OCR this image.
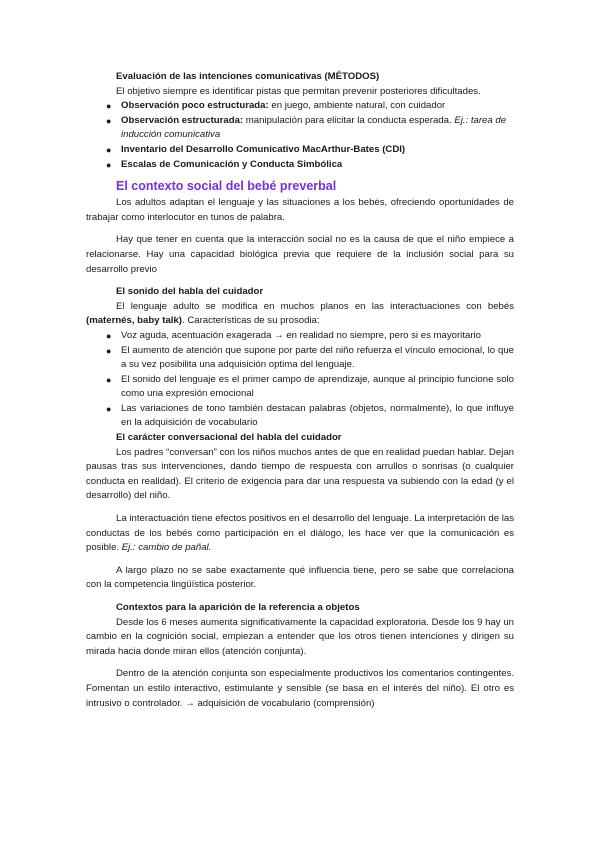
Evaluación de las intenciones comunicativas (MÉTODOS)
El objetivo siempre es identificar pistas que permitan prevenir posteriores dificultades.
● Observación poco estructurada: en juego, ambiente natural, con cuidador
● Observación estructurada: manipulación para elicitar la conducta esperada. Ej.: tarea de inducción comunicativa
● Inventario del Desarrollo Comunicativo MacArthur-Bates (CDI)
● Escalas de Comunicación y Conducta Simbólica
El contexto social del bebé preverbal

Los adultos adaptan el lenguaje y las situaciones a los bebés, ofreciendo oportunidades de trabajar como interlocutor en tunos de palabra.

Hay que tener en cuenta que la interacción social no es la causa de que el niño empiece a relacionarse. Hay una capacidad biológica previa que requiere de la inclusión social para su desarrollo previo

El sonido del habla del cuidador

El lenguaje adulto se modifica en muchos planos en las interactuaciones con bebés (maternés, baby talk). Características de su prosodia:

● Voz aguda, acentuación exagerada → en realidad no siempre, pero si es mayoritario
● El aumento de atención que supone por parte del niño refuerza el vínculo emocional, lo que a su vez posibilita una adquisición optima del lenguaje.
● El sonido del lenguaje es el primer campo de aprendizaje, aunque al principio funcione solo como una expresión emocional
● Las variaciones de tono también destacan palabras (objetos, normalmente), lo que influye en la adquisición de vocabulario
El carácter conversacional del habla del cuidador

Los padres “conversan” con los niños muchos antes de que en realidad puedan hablar. Dejan pausas tras sus intervenciones, dando tiempo de respuesta con arrullos o sonrisas (o cualquier conducta en realidad). El criterio de exigencia para dar una respuesta va subiendo con la edad (y el desarrollo) del niño.

La interactuación tiene efectos positivos en el desarrollo del lenguaje. La interpretación de las conductas de los bebés como participación en el diálogo, les hace ver que la comunicación es posible. Ej.: cambio de pañal.

A largo plazo no se sabe exactamente qué influencia tiene, pero se sabe que correlaciona con la competencia lingüística posterior.

Contextos para la aparición de la referencia a objetos

Desde los 6 meses aumenta significativamente la capacidad exploratoria. Desde los 9 hay un cambio en la cognición social, empiezan a entender que los otros tienen intenciones y dirigen su mirada hacia donde miran ellos (atención conjunta).

Dentro de la atención conjunta son especialmente productivos los comentarios contingentes. Fomentan un estilo interactivo, estimulante y sensible (se basa en el interés del niño). El otro es intrusivo o controlador. → adquisición de vocabulario (comprensión)
